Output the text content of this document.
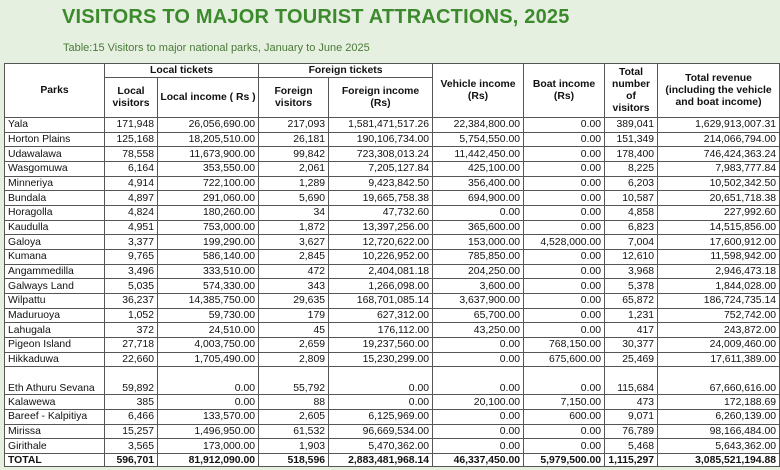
VISITORS TO MAJOR TOURIST ATTRACTIONS, 2025
Table:15 Visitors to major national parks, January to June 2025
Parks	Local tickets		Foreign tickets		Vehicle income (Rs)	Boat income (Rs)	Total number of visitors	Total revenue (including the vehicle and boat income)
	Local visitors	Local income ( Rs )	Foreign visitors	Foreign income (Rs)				
Yala	171,948	26,056,690.00	217,093	1,581,471,517.26	22,384,800.00	0.00	389,041	1,629,913,007.31
Horton Plains	125,168	18,205,510.00	26,181	190,106,734.00	5,754,550.00	0.00	151,349	214,066,794.00
Udawalawa	78,558	11,673,900.00	99,842	723,308,013.24	11,442,450.00	0.00	178,400	746,424,363.24
Wasgomuwa	6,164	353,550.00	2,061	7,205,127.84	425,100.00	0.00	8,225	7,983,777.84
Minneriya	4,914	722,100.00	1,289	9,423,842.50	356,400.00	0.00	6,203	10,502,342.50
Bundala	4,897	291,060.00	5,690	19,665,758.38	694,900.00	0.00	10,587	20,651,718.38
Horagolla	4,824	180,260.00	34	47,732.60	0.00	0.00	4,858	227,992.60
Kaudulla	4,951	753,000.00	1,872	13,397,256.00	365,600.00	0.00	6,823	14,515,856.00
Galoya	3,377	199,290.00	3,627	12,720,622.00	153,000.00	4,528,000.00	7,004	17,600,912.00
Kumana	9,765	586,140.00	2,845	10,226,952.00	785,850.00	0.00	12,610	11,598,942.00
Angammedilla	3,496	333,510.00	472	2,404,081.18	204,250.00	0.00	3,968	2,946,473.18
Galways Land	5,035	574,330.00	343	1,266,098.00	3,600.00	0.00	5,378	1,844,028.00
Wilpattu	36,237	14,385,750.00	29,635	168,701,085.14	3,637,900.00	0.00	65,872	186,724,735.14
Maduruoya	1,052	59,730.00	179	627,312.00	65,700.00	0.00	1,231	752,742.00
Lahugala	372	24,510.00	45	176,112.00	43,250.00	0.00	417	243,872.00
Pigeon Island	27,718	4,003,750.00	2,659	19,237,560.00	0.00	768,150.00	30,377	24,009,460.00
Hikkaduwa	22,660	1,705,490.00	2,809	15,230,299.00	0.00	675,600.00	25,469	17,611,389.00
Eth Athuru Sevana	59,892	0.00	55,792	0.00	0.00	0.00	115,684	67,660,616.00
Kalawewa	385	0.00	88	0.00	20,100.00	7,150.00	473	172,188.69
Bareef - Kalpitiya	6,466	133,570.00	2,605	6,125,969.00	0.00	600.00	9,071	6,260,139.00
Mirissa	15,257	1,496,950.00	61,532	96,669,534.00	0.00	0.00	76,789	98,166,484.00
Girithale	3,565	173,000.00	1,903	5,470,362.00	0.00	0.00	5,468	5,643,362.00
TOTAL	596,701	81,912,090.00	518,596	2,883,481,968.14	46,337,450.00	5,979,500.00	1,115,297	3,085,521,194.88
